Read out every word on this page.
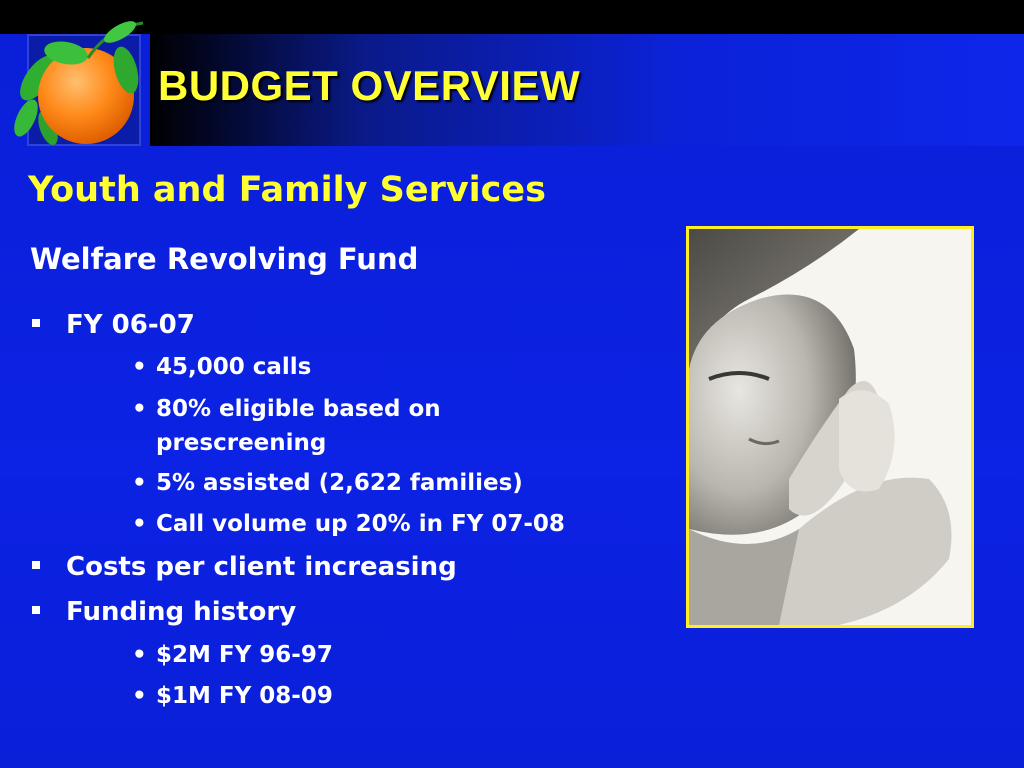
BUDGET OVERVIEW
Youth and Family Services
Welfare Revolving Fund
FY 06-07
• 45,000 calls
• 80% eligible based on prescreening
• 5% assisted (2,622 families)
• Call volume up 20% in FY 07-08
Costs per client increasing
Funding history
• $2M FY 96-97
• $1M FY 08-09
